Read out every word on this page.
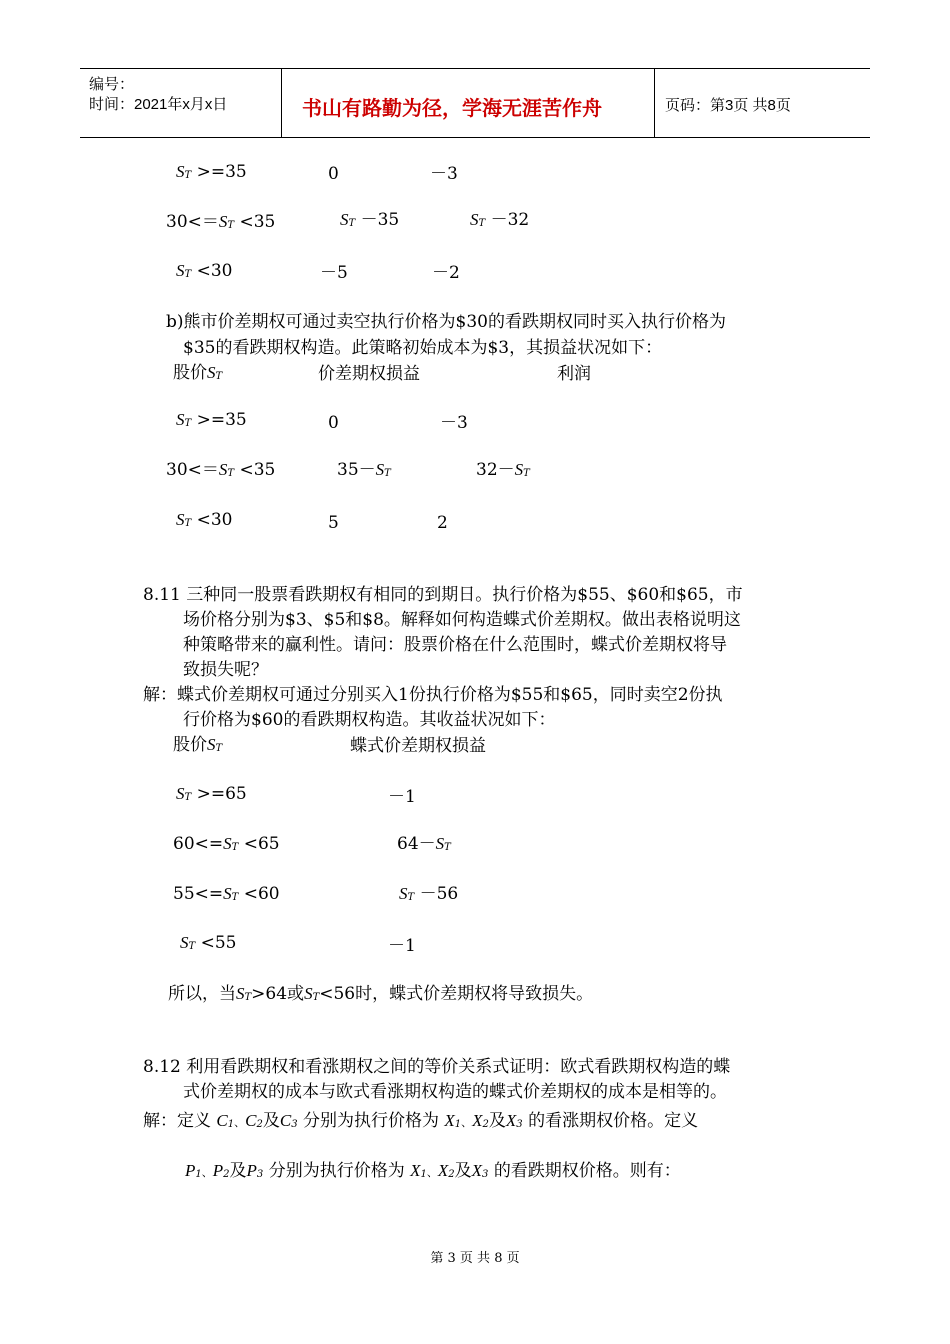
编号：
时间：2021年x月x日	书山有路勤为径，学海无涯苦作舟	页码：第3页 共8页
$S^T >=35$	0	－3
$30<=S^T <35$	$S^T -35$	$S^T -32$
$S^T <30$	－5	－2
b)熊市价差期权可通过卖空执行价格为$30的看跌期权同时买入执行价格为
$35的看跌期权构造。此策略初始成本为$3，其损益状况如下：
股价$S^T$	价差期权损益	利润
$S^T >=35$	0	－3
$30<=S^T <35$	$35-S^T$	$32-S^T$
$S^T <30$	5	2
8.11 三种同一股票看跌期权有相同的到期日。执行价格为$55、$60和$65，市
场价格分别为$3、$5和$8。解释如何构造蝶式价差期权。做出表格说明这
种策略带来的赢利性。请问：股票价格在什么范围时，蝶式价差期权将导
致损失呢？
解：蝶式价差期权可通过分别买入1份执行价格为$55和$65，同时卖空2份执
行价格为$60的看跌期权构造。其收益状况如下：
股价$S^T$	蝶式价差期权损益
$S^T >=65$	－1
$60<=S^T <65$	$64-S^T$
$55<=S^T <60$	$S^T -56$
$S^T <55$	－1
所以，当$S^T>64$或$S^T<56$时，蝶式价差期权将导致损失。
8.12 利用看跌期权和看涨期权之间的等价关系式证明：欧式看跌期权构造的蝶
式价差期权的成本与欧式看涨期权构造的蝶式价差期权的成本是相等的。
解：定义 $C^1$、$C^2$及$C^3$ 分别为执行价格为 $X^1$、$X^2$及$X^3$ 的看涨期权价格。定义
$P^1$、$P^2$及$P^3$ 分别为执行价格为 $X^1$、$X^2$及$X^3$ 的看跌期权价格。则有：
第 3 页 共 8 页
